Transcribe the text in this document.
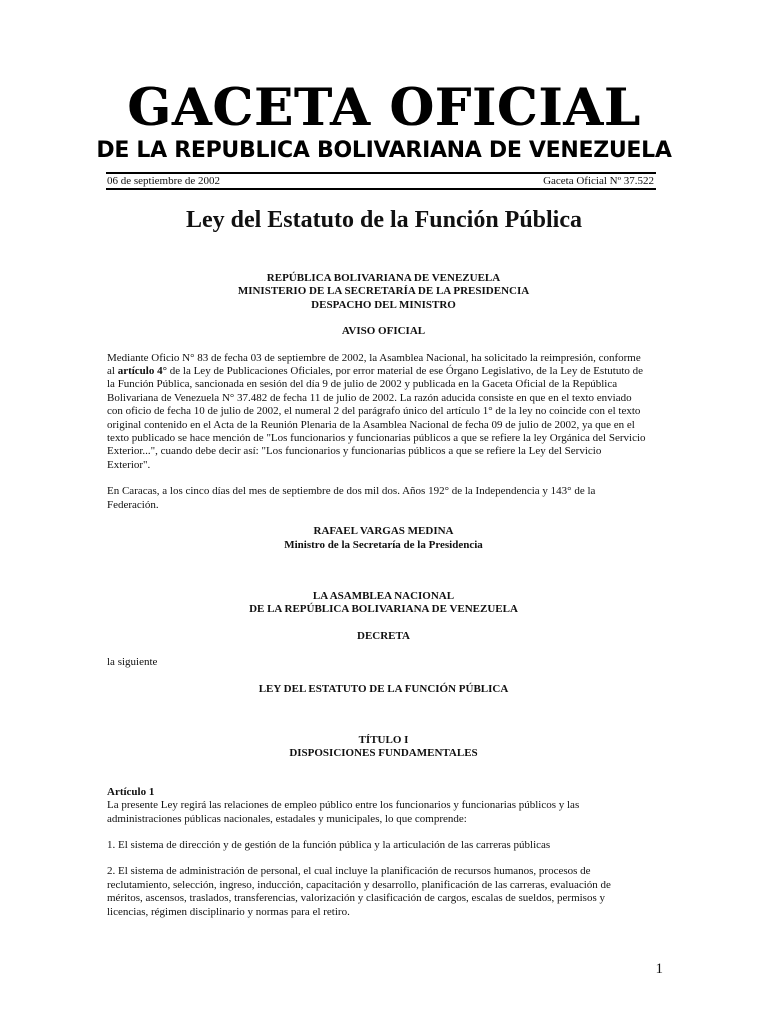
GACETA OFICIAL
DE LA REPUBLICA BOLIVARIANA DE VENEZUELA
06 de septiembre de 2002	Gaceta Oficial Nº 37.522
Ley del Estatuto de la Función Pública

REPÚBLICA BOLIVARIANA DE VENEZUELA

MINISTERIO DE LA SECRETARÍA DE LA PRESIDENCIA

DESPACHO DEL MINISTRO

AVISO OFICIAL

Mediante Oficio N° 83 de fecha 03 de septiembre de 2002, la Asamblea Nacional, ha solicitado la reimpresión, conforme

al artículo 4° de la Ley de Publicaciones Oficiales, por error material de ese Órgano Legislativo, de la Ley de Estututo de

la Función Pública, sancionada en sesión del día 9 de julio de 2002 y publicada en la Gaceta Oficial de la República

Bolivariana de Venezuela N° 37.482 de fecha 11 de julio de 2002. La razón aducida consiste en que en el texto enviado

con oficio de fecha 10 de julio de 2002, el numeral 2 del parágrafo único del artículo 1° de la ley no coincide con el texto

original contenido en el Acta de la Reunión Plenaria de la Asamblea Nacional de fecha 09 de julio de 2002, ya que en el

texto publicado se hace mención de "Los funcionarios y funcionarias públicos a que se refiere la ley Orgánica del Servicio

Exterior...", cuando debe decir así: "Los funcionarios y funcionarias públicos a que se refiere la Ley del Servicio

Exterior".

En Caracas, a los cinco días del mes de septiembre de dos mil dos. Años 192° de la Independencia y 143° de la

Federación.

RAFAEL VARGAS MEDINA

Ministro de la Secretaría de la Presidencia

LA ASAMBLEA NACIONAL

DE LA REPÚBLICA BOLIVARIANA DE VENEZUELA

DECRETA

la siguiente

LEY DEL ESTATUTO DE LA FUNCIÓN PÚBLICA

TÍTULO I

DISPOSICIONES FUNDAMENTALES

Artículo 1

La presente Ley regirá las relaciones de empleo público entre los funcionarios y funcionarias públicos y las

administraciones públicas nacionales, estadales y municipales, lo que comprende:

1. El sistema de dirección y de gestión de la función pública y la articulación de las carreras públicas

2. El sistema de administración de personal, el cual incluye la planificación de recursos humanos, procesos de

reclutamiento, selección, ingreso, inducción, capacitación y desarrollo, planificación de las carreras, evaluación de

méritos, ascensos, traslados, transferencias, valorización y clasificación de cargos, escalas de sueldos, permisos y

licencias, régimen disciplinario y normas para el retiro.

1
